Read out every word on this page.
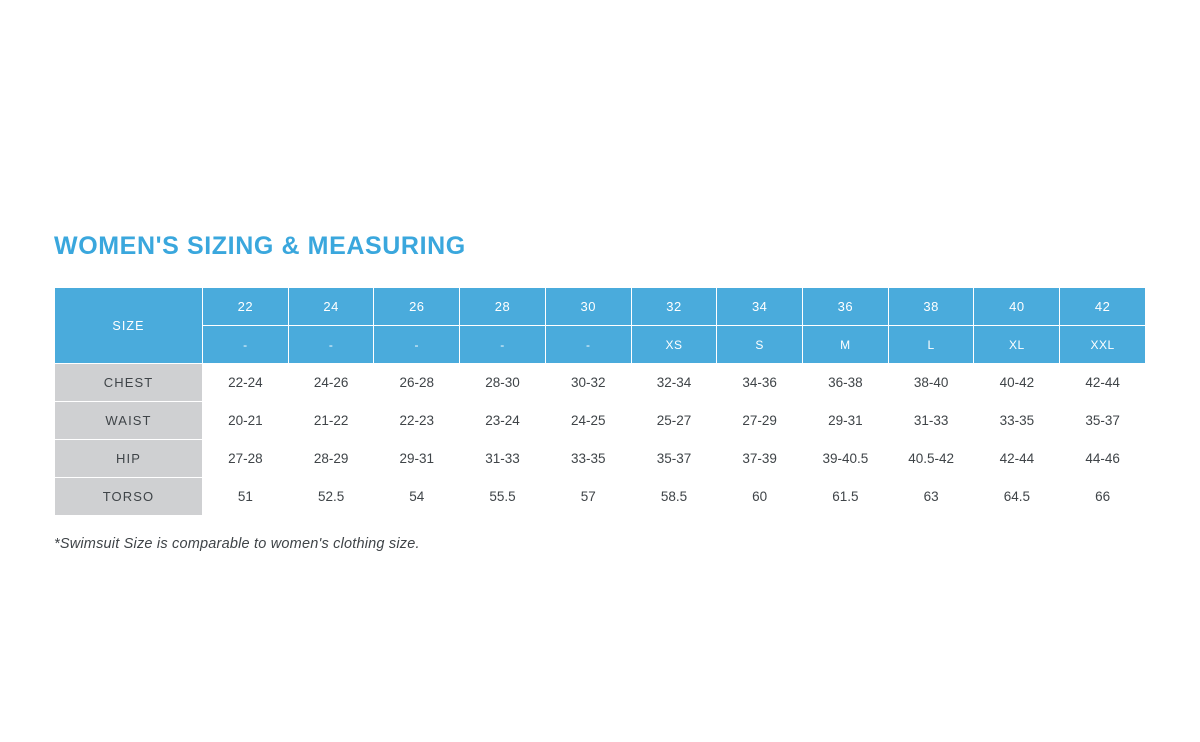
WOMEN'S SIZING & MEASURING
SIZE	22	24	26	28	30	32	34	36	38	40	42
	-	-	-	-	-	XS	S	M	L	XL	XXL
CHEST	22-24	24-26	26-28	28-30	30-32	32-34	34-36	36-38	38-40	40-42	42-44
WAIST	20-21	21-22	22-23	23-24	24-25	25-27	27-29	29-31	31-33	33-35	35-37
HIP	27-28	28-29	29-31	31-33	33-35	35-37	37-39	39-40.5	40.5-42	42-44	44-46
TORSO	51	52.5	54	55.5	57	58.5	60	61.5	63	64.5	66
*Swimsuit Size is comparable to women's clothing size.
